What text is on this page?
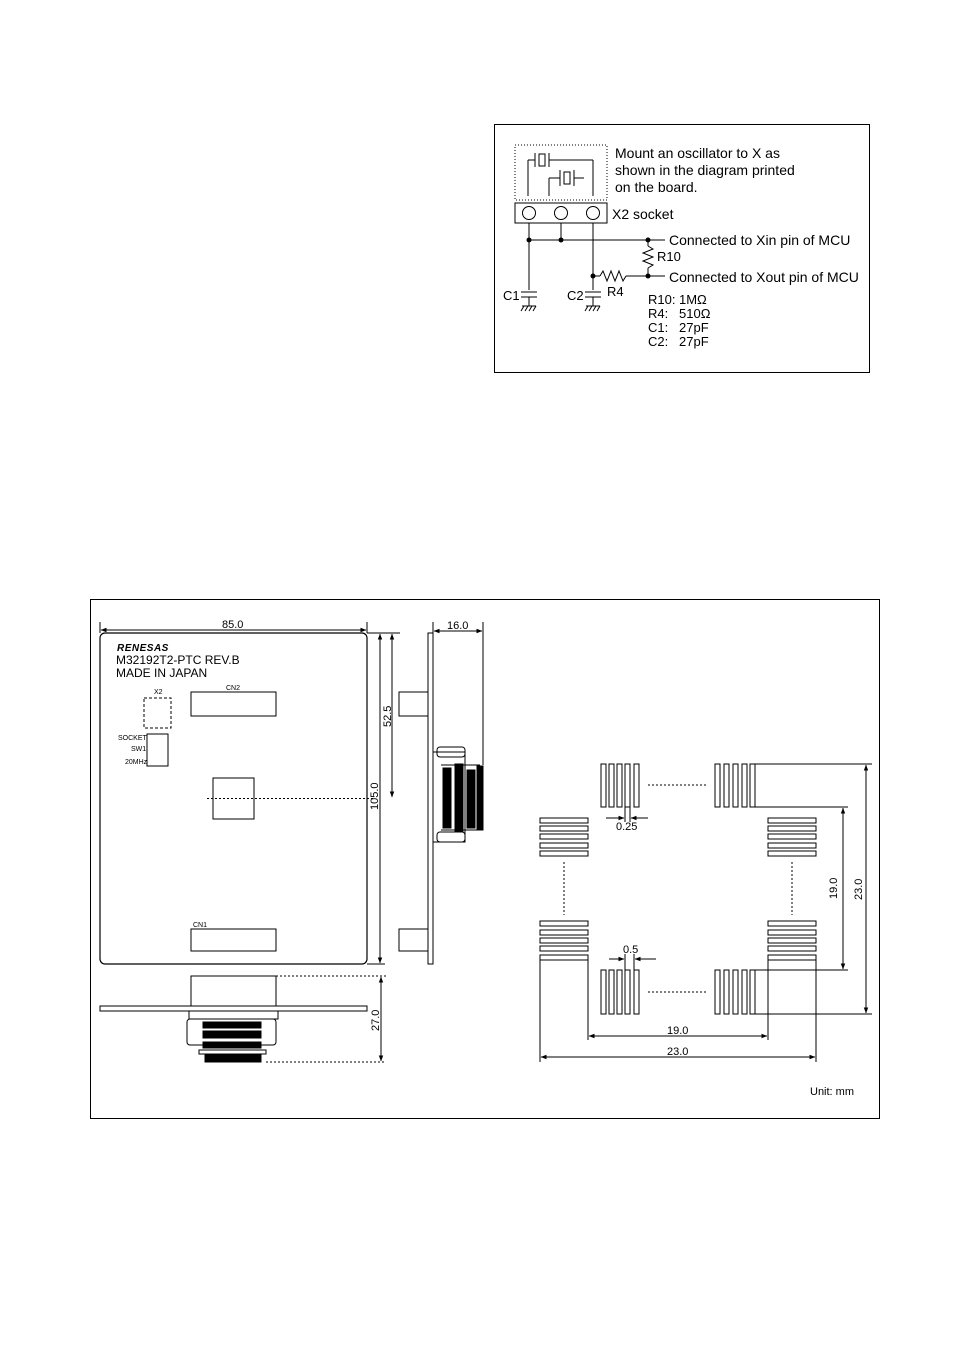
X2 socket
Mount an oscillator to X as
shown in the diagram printed
on the board.
Connected to Xin pin of MCU
Connected to Xout pin of MCU
R10
R4
C1	C2	R10: 1MΩ
R4: 510Ω
C1: 27pF
C2: 27pF
RENESAS
M32192T2-PTC REV.B
MADE IN JAPAN
X2
CN2
SOCKET
SW1
20MHz
CN1
85.0
52.5
105.0
16.0
27.0
0.25
0.5
19.0
23.0
19.0 23.0
Unit: mm
